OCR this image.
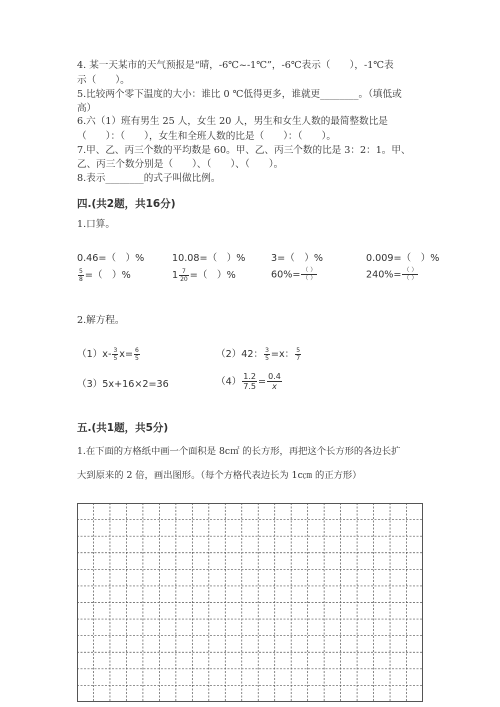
4. 某一天某市的天气预报是“晴，-6℃~-1℃”，-6℃表示（　　），-1℃表
示（　　）。
5.比较两个零下温度的大小：谁比 0 ℃低得更多，谁就更________。（填低或
高）
6.六（1）班有男生 25 人，女生 20 人，男生和女生人数的最简整数比是
（　　）：（　　），女生和全班人数的比是（　　）：（　　）。
7.甲、乙、丙三个数的平均数是 60。甲、乙、丙三个数的比是 3：2：1。甲、
乙、丙三个数分别是（　　）、（　　）、（　　）。
8.表示________的式子叫做比例。
四.(共2题，共16分)
1.口算。
0.46=（　）%	10.08=（　）%	3=（　）%	0.009=（　）%
$\frac{5}{8}$ =（　）%	$1 \frac{7}{20}$ =（　）%	$60\%= \frac{( )}{( )}$	$240\%= \frac{( )}{( )}$
2.解方程。
$(1)x- \frac{3}{5} x= \frac{6}{5}$	（2）42： $\frac{3}{5} =x$： $\frac{5}{7}$
（3）5x+16×2=36	$(4) \frac{1.2}{7.5} = \frac{0.4}{x}$
五.(共1题，共5分)
1.在下面的方格纸中画一个面积是 8c㎡ 的长方形，再把这个长方形的各边长扩
大到原来的 2 倍，画出图形。（每个方格代表边长为 1c㎝ 的正方形）
